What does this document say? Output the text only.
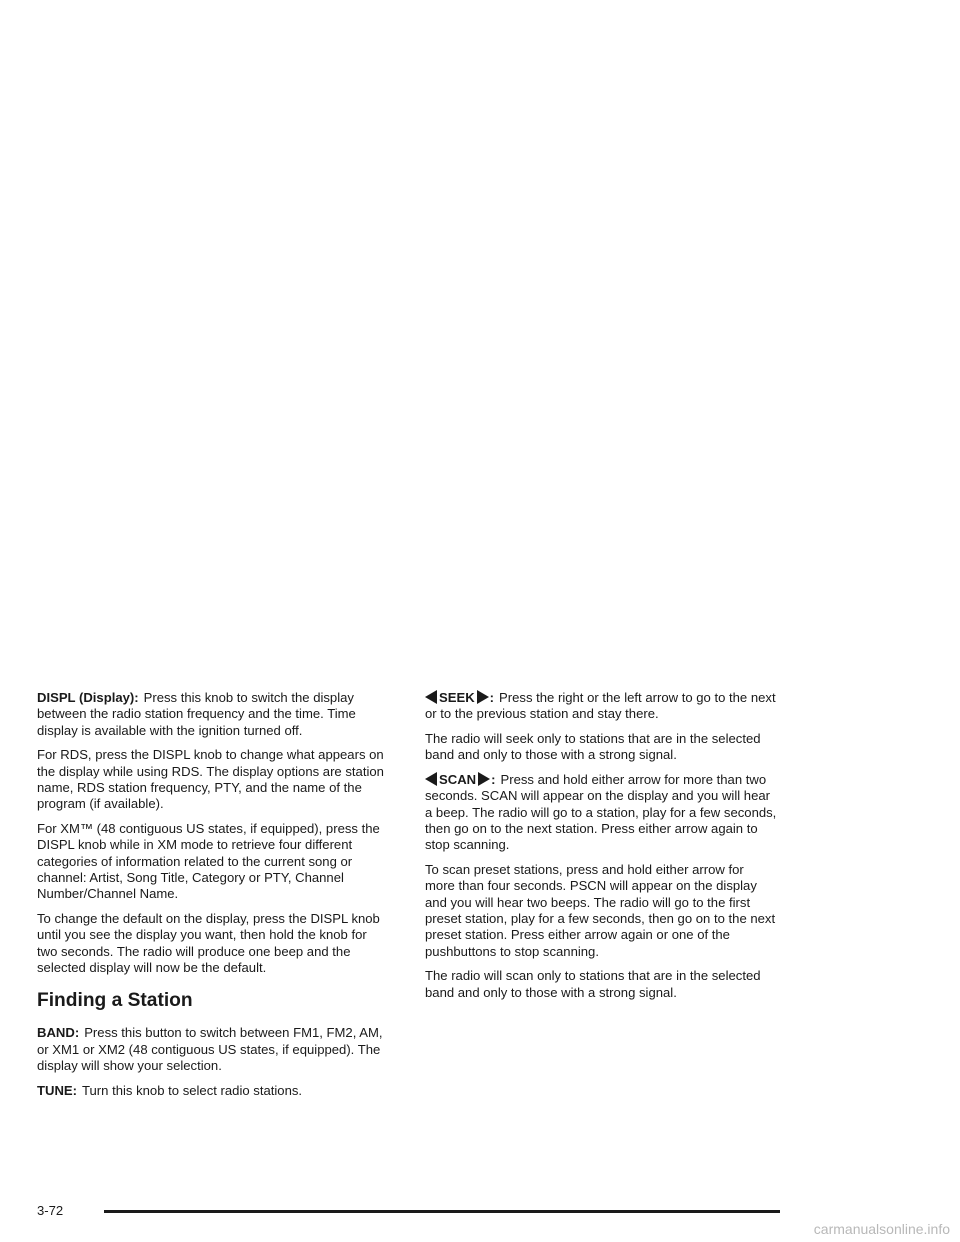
DISPL (Display): Press this knob to switch the display between the radio station frequency and the time. Time display is available with the ignition turned off.

For RDS, press the DISPL knob to change what appears on the display while using RDS. The display options are station name, RDS station frequency, PTY, and the name of the program (if available).

For XM™ (48 contiguous US states, if equipped), press the DISPL knob while in XM mode to retrieve four different categories of information related to the current song or channel: Artist, Song Title, Category or PTY, Channel Number/Channel Name.

To change the default on the display, press the DISPL knob until you see the display you want, then hold the knob for two seconds. The radio will produce one beep and the selected display will now be the default.

Finding a Station

BAND: Press this button to switch between FM1, FM2, AM, or XM1 or XM2 (48 contiguous US states, if equipped). The display will show your selection.

TUNE: Turn this knob to select radio stations.

SEEK : Press the right or the left arrow to go to the next or to the previous station and stay there.

The radio will seek only to stations that are in the selected band and only to those with a strong signal.

SCAN : Press and hold either arrow for more than two seconds. SCAN will appear on the display and you will hear a beep. The radio will go to a station, play for a few seconds, then go on to the next station. Press either arrow again to stop scanning.

To scan preset stations, press and hold either arrow for more than four seconds. PSCN will appear on the display and you will hear two beeps. The radio will go to the first preset station, play for a few seconds, then go on to the next preset station. Press either arrow again or one of the pushbuttons to stop scanning.

The radio will scan only to stations that are in the selected band and only to those with a strong signal.

3-72
carmanualsonline.info
